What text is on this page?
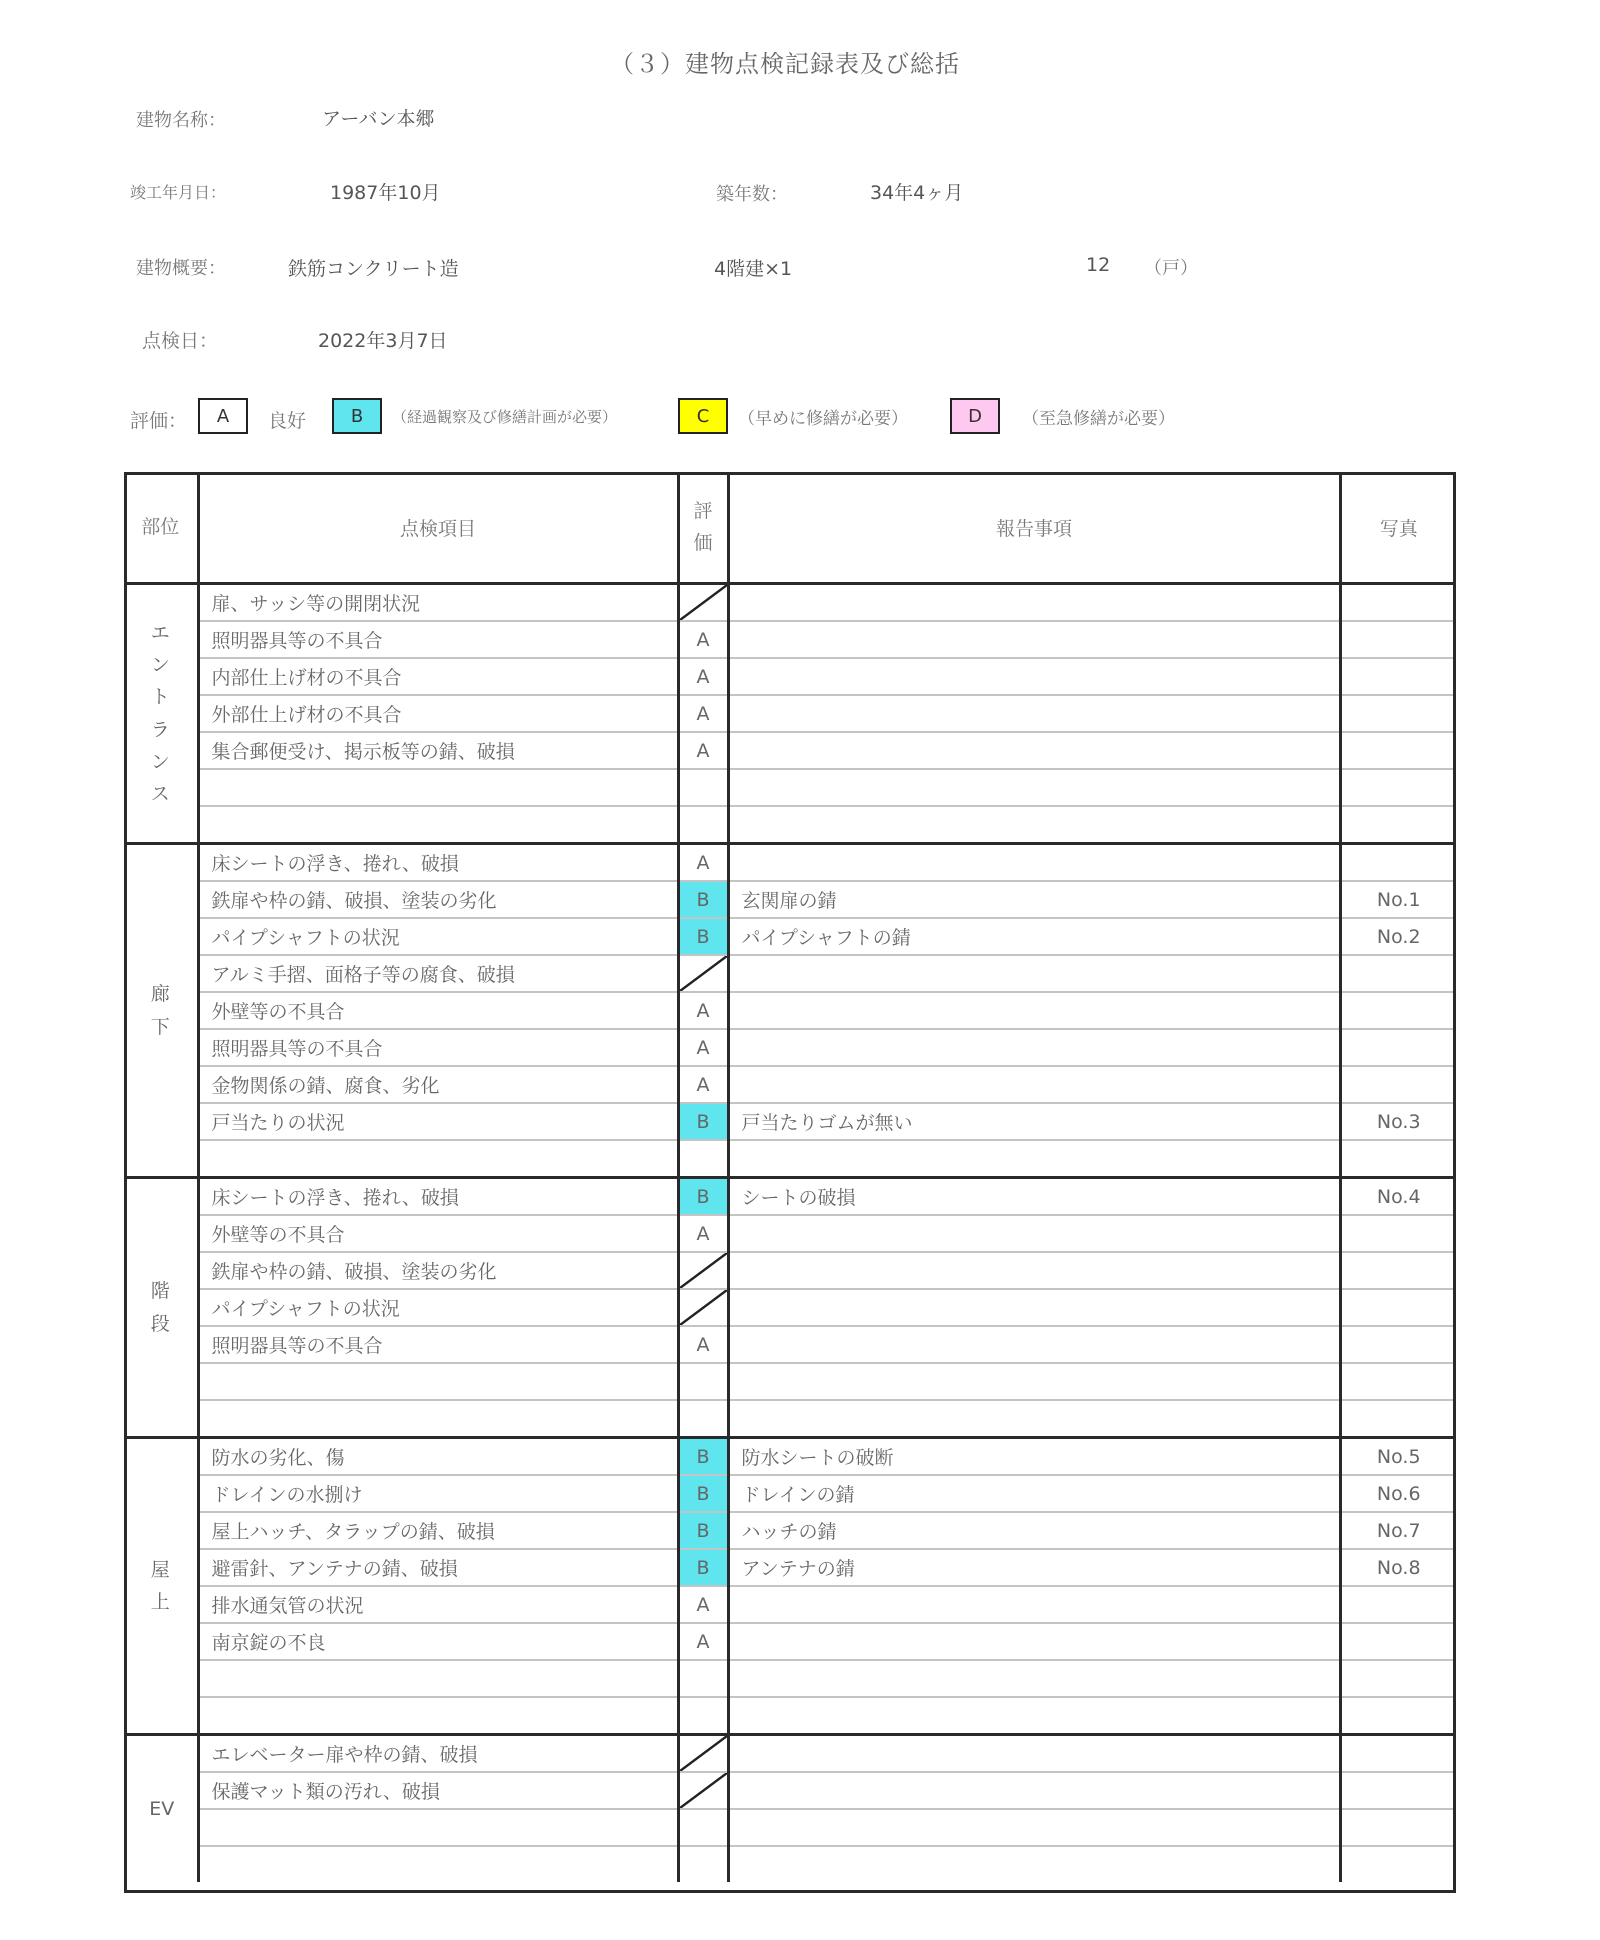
（３）建物点検記録表及び総括
建物名称：	アーバン本郷
竣工年月日：	1987年10月	築年数：	34年4ヶ月
建物概要：	鉄筋コンクリート造	4階建×1	12 （戸）
点検日：	2022年3月7日
評価：	A	良好	B	（経過観察及び修繕計画が必要）	C	（早めに修繕が必要）	D	（至急修繕が必要）
部位	点検項目	評価	報告事項	写真
エントランス	扉、サッシ等の開閉状況	

	照明器具等の不具合	A		
	内部仕上げ材の不具合	A		
	外部仕上げ材の不具合	A		
	集合郵便受け、掲示板等の錆、破損	A		

廊下	床シートの浮き、捲れ、破損	A		
	鉄扉や枠の錆、破損、塗装の劣化	B	玄関扉の錆	No.1
	パイプシャフトの状況	B	パイプシャフトの錆	No.2
	アルミ手摺、面格子等の腐食、破損	

	外壁等の不具合	A		
	照明器具等の不具合	A		
	金物関係の錆、腐食、劣化	A		
	戸当たりの状況	B	戸当たりゴムが無い	No.3

階段	床シートの浮き、捲れ、破損	B	シートの破損	No.4
	外壁等の不具合	A		
	鉄扉や枠の錆、破損、塗装の劣化	

	パイプシャフトの状況	

	照明器具等の不具合	A		

屋上	防水の劣化、傷	B	防水シートの破断	No.5
	ドレインの水捌け	B	ドレインの錆	No.6
	屋上ハッチ、タラップの錆、破損	B	ハッチの錆	No.7
	避雷針、アンテナの錆、破損	B	アンテナの錆	No.8
	排水通気管の状況	A		
	南京錠の不良	A		

EV	エレベーター扉や枠の錆、破損	

	保護マット類の汚れ、破損	
